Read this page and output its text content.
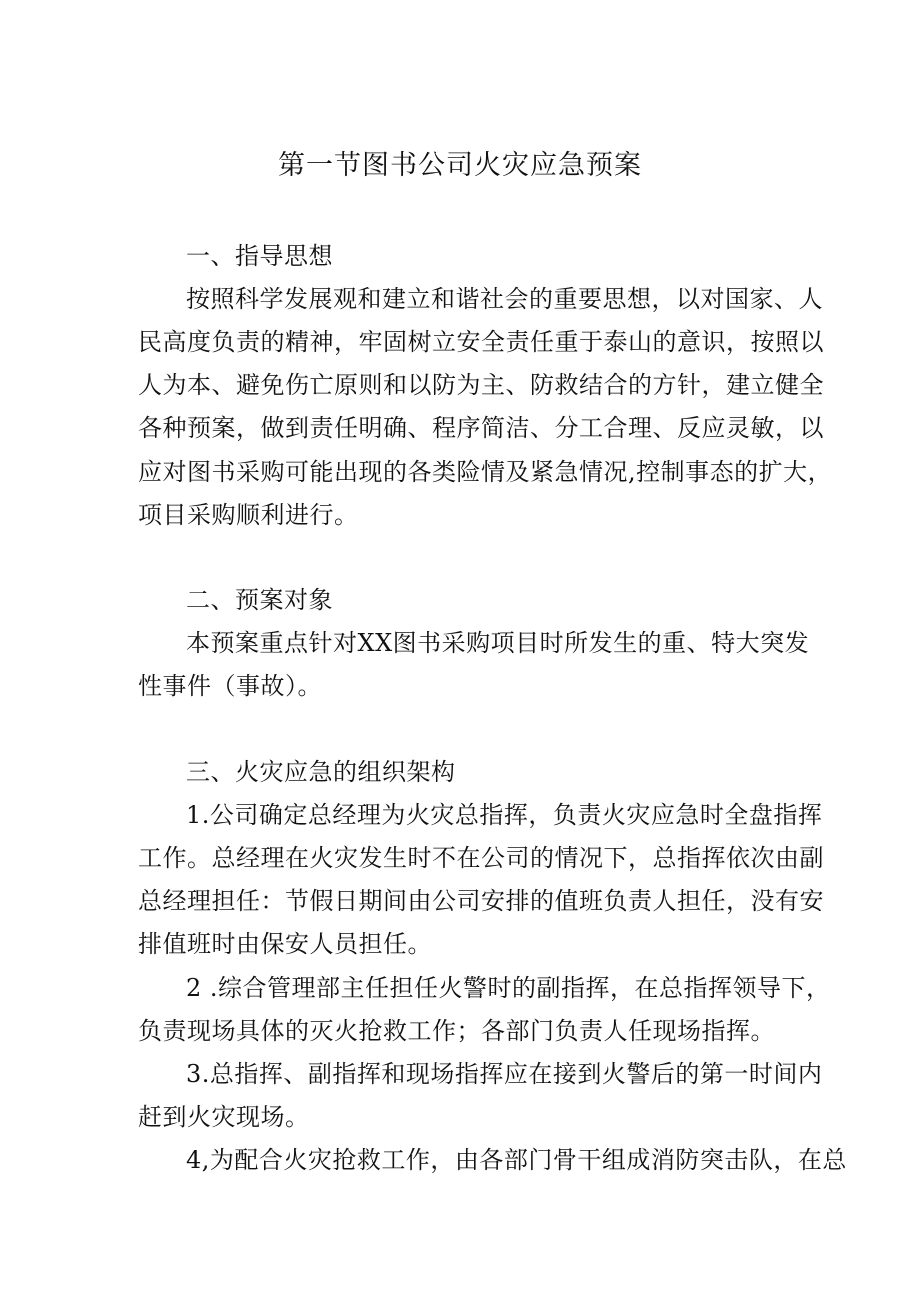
第一节图书公司火灾应急预案
一、指导思想
按照科学发展观和建立和谐社会的重要思想，以对国家、人
民高度负责的精神，牢固树立安全责任重于泰山的意识，按照以
人为本、避免伤亡原则和以防为主、防救结合的方针，建立健全
各种预案，做到责任明确、程序简洁、分工合理、反应灵敏，以
应对图书采购可能出现的各类险情及紧急情况,控制事态的扩大，
项目采购顺利进行。
二、预案对象
本预案重点针对XX图书采购项目时所发生的重、特大突发
性事件（事故）。
三、火灾应急的组织架构
1.公司确定总经理为火灾总指挥，负责火灾应急时全盘指挥
工作。总经理在火灾发生时不在公司的情况下，总指挥依次由副
总经理担任：节假日期间由公司安排的值班负责人担任，没有安
排值班时由保安人员担任。
2 .综合管理部主任担任火警时的副指挥，在总指挥领导下，
负责现场具体的灭火抢救工作；各部门负责人任现场指挥。
3.总指挥、副指挥和现场指挥应在接到火警后的第一时间内
赶到火灾现场。
4,为配合火灾抢救工作，由各部门骨干组成消防突击队，在总
